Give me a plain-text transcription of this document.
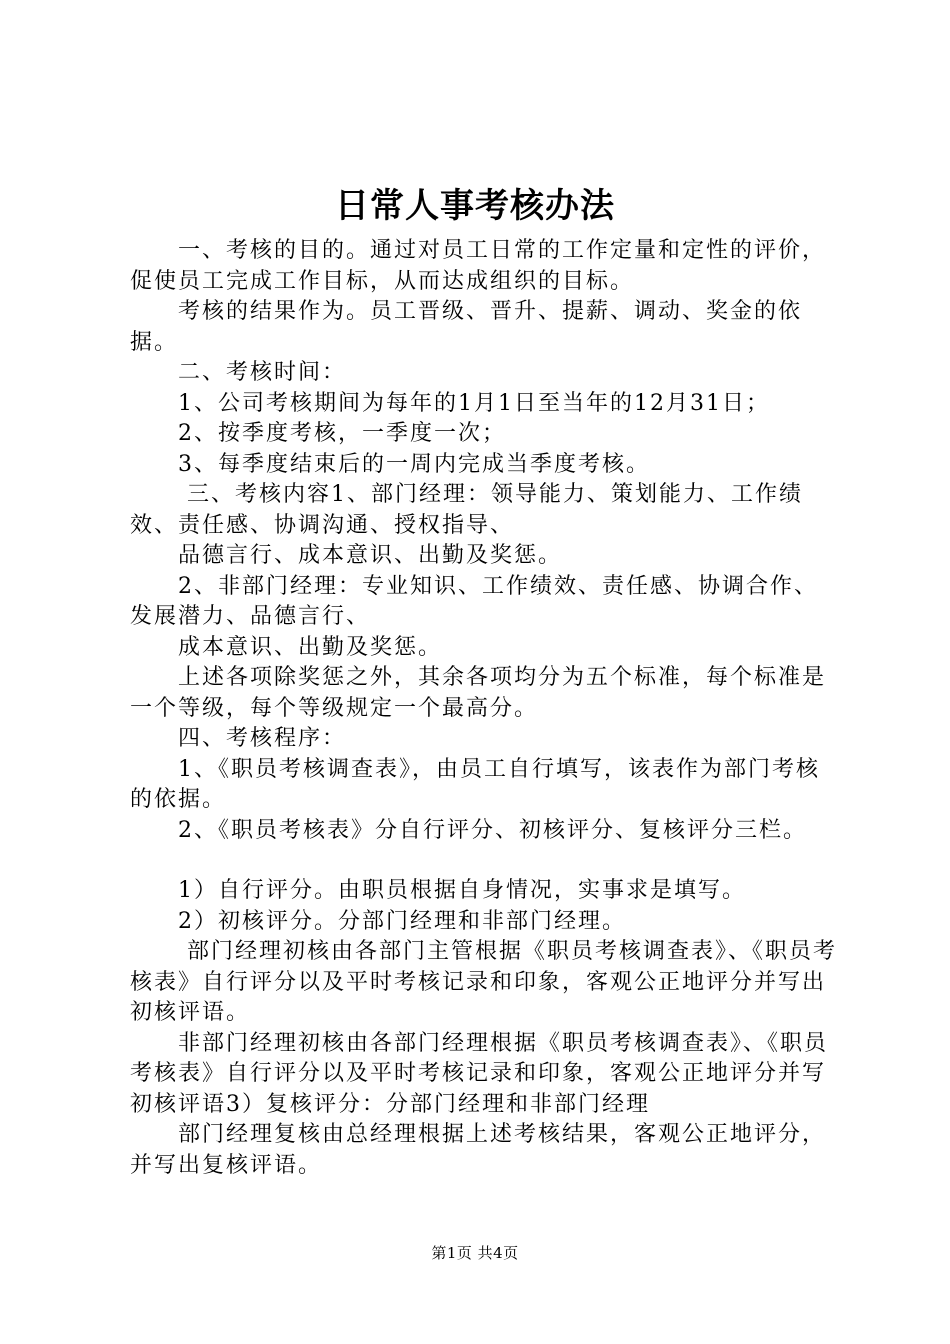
日常人事考核办法

一、考核的目的。通过对员工日常的工作定量和定性的评价，促使员工完成工作目标，从而达成组织的目标。

考核的结果作为。员工晋级、晋升、提薪、调动、奖金的依据。

二、考核时间：

1、公司考核期间为每年的1月1日至当年的12月31日；

2、按季度考核，一季度一次；

3、每季度结束后的一周内完成当季度考核。

三、考核内容1、部门经理：领导能力、策划能力、工作绩效、责任感、协调沟通、授权指导、

品德言行、成本意识、出勤及奖惩。

2、非部门经理：专业知识、工作绩效、责任感、协调合作、发展潜力、品德言行、

成本意识、出勤及奖惩。

上述各项除奖惩之外，其余各项均分为五个标准，每个标准是一个等级，每个等级规定一个最高分。

四、考核程序：

1、《职员考核调查表》，由员工自行填写，该表作为部门考核的依据。

2、《职员考核表》分自行评分、初核评分、复核评分三栏。

1）自行评分。由职员根据自身情况，实事求是填写。

2）初核评分。分部门经理和非部门经理。

部门经理初核由各部门主管根据《职员考核调查表》、《职员考核表》自行评分以及平时考核记录和印象，客观公正地评分并写出初核评语。

非部门经理初核由各部门经理根据《职员考核调查表》、《职员考核表》自行评分以及平时考核记录和印象，客观公正地评分并写初核评语3）复核评分：分部门经理和非部门经理

部门经理复核由总经理根据上述考核结果，客观公正地评分，并写出复核评语。

第1页 共4页
